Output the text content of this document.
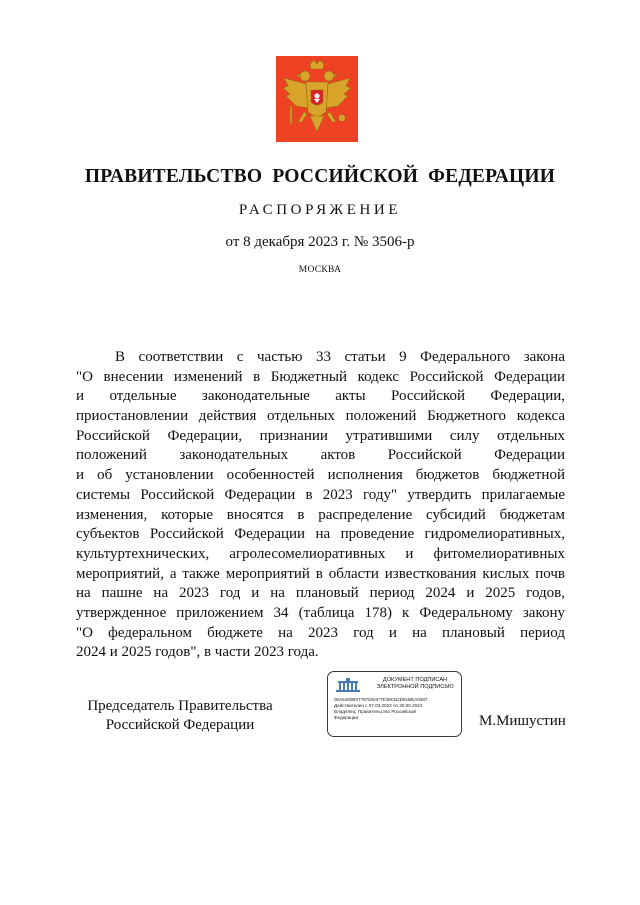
ПРАВИТЕЛЬСТВО РОССИЙСКОЙ ФЕДЕРАЦИИ
РАСПОРЯЖЕНИЕ
от 8 декабря 2023 г. № 3506-р
МОСКВА
В соответствии с частью 33 статьи 9 Федерального закона
"О внесении изменений в Бюджетный кодекс Российской Федерации
и отдельные законодательные акты Российской Федерации,
приостановлении действия отдельных положений Бюджетного кодекса
Российской Федерации, признании утратившими силу отдельных
положений законодательных актов Российской Федерации
и об установлении особенностей исполнения бюджетов бюджетной
системы Российской Федерации в 2023 году" утвердить прилагаемые
изменения, которые вносятся в распределение субсидий бюджетам
субъектов Российской Федерации на проведение гидромелиоративных,
культуртехнических, агролесомелиоративных и фитомелиоративных
мероприятий, а также мероприятий в области известкования кислых почв
на пашне на 2023 год и на плановый период 2024 и 2025 годов,
утвержденное приложением 34 (таблица 178) к Федеральному закону
"О федеральном бюджете на 2023 год и на плановый период
2024 и 2025 годов", в части 2023 года.
Председатель Правительства
Российской Федерации
ДОКУМЕНТ ПОДПИСАН
ЭЛЕКТРОННОЙ ПОДПИСЬЮ
00A5490B07767D8AF7E39CB2D81BEA0387
Действителен с 07.03.2023 по 30.05.2024
Владелец: Правительство Российской
Федерации	М.Мишустин
